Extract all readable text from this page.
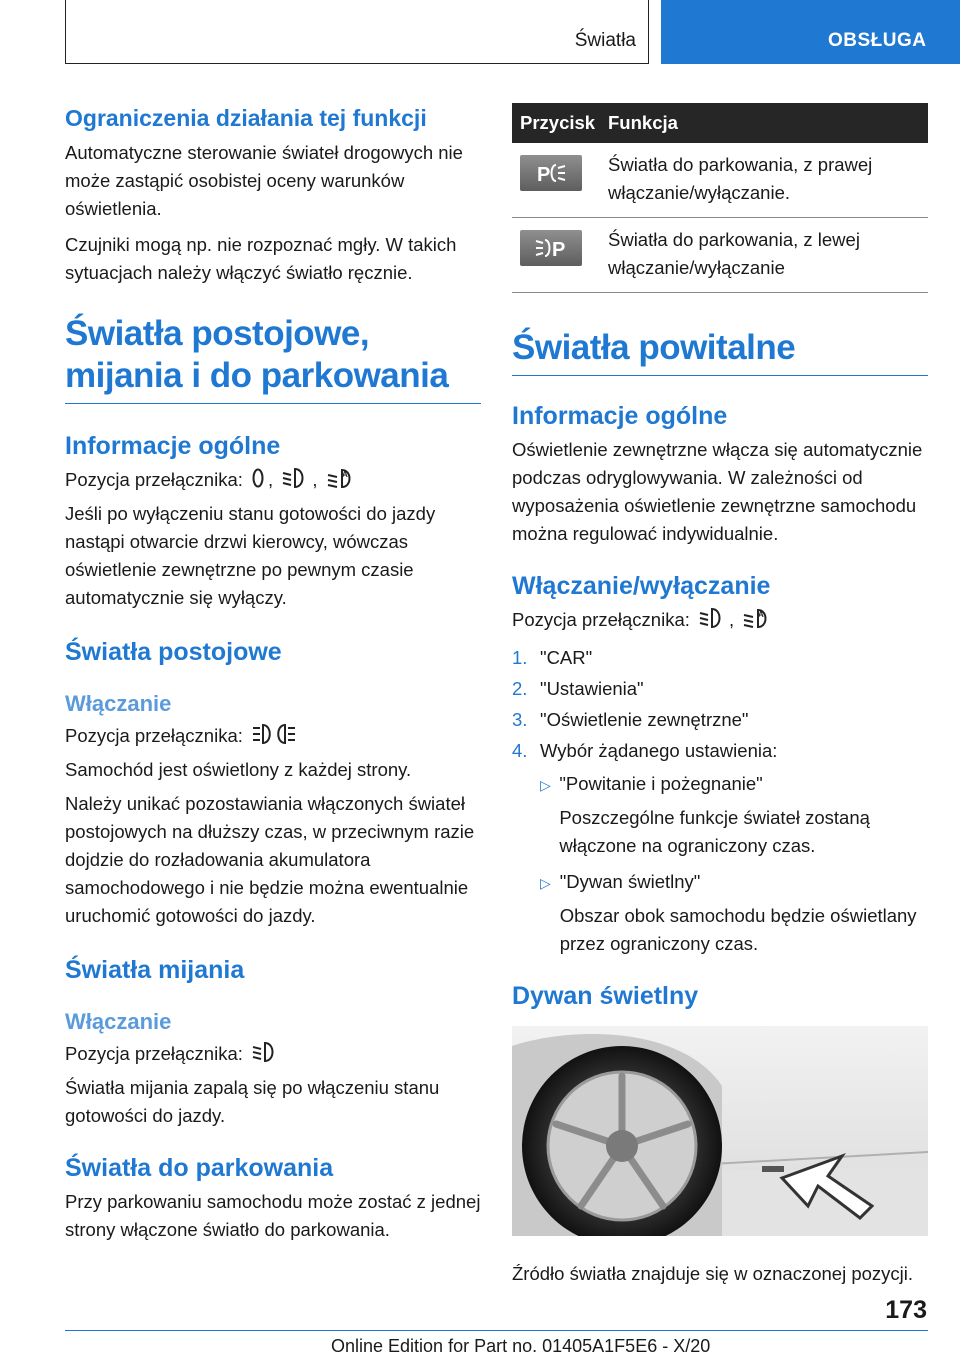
Światła	OBSŁUGA
Ograniczenia działania tej funkcji

Automatyczne sterowanie świateł drogowych nie może zastąpić osobistej oceny warunków oświetlenia.

Czujniki mogą np. nie rozpoznać mgły. W takich sytuacjach należy włączyć światło ręcznie.

Światła postojowe, mijania i do parkowania
Informacje ogólne

Pozycja przełącznika: , ,	A

Jeśli po wyłączeniu stanu gotowości do jazdy nastąpi otwarcie drzwi kierowcy, wówczas oświetlenie zewnętrzne po pewnym czasie automatycznie się wyłączy.

Światła postojowe
Włączanie

Pozycja przełącznika:

Samochód jest oświetlony z każdej strony.

Należy unikać pozostawiania włączonych świateł postojowych na dłuższy czas, w przeciwnym razie dojdzie do rozładowania akumulatora samochodowego i nie będzie można ewentualnie uruchomić gotowości do jazdy.

Światła mijania
Włączanie

Pozycja przełącznika:

Światła mijania zapalą się po włączeniu stanu gotowości do jazdy.

Światła do parkowania

Przy parkowaniu samochodu może zostać z jednej strony włączone światło do parkowania.

Przycisk Funkcja
P	Światła do parkowania, z prawej włączanie/wyłączanie.
P Światła do parkowania, z lewej włączanie/wyłączanie
Światła powitalne
Informacje ogólne

Oświetlenie zewnętrzne włącza się automatycznie podczas odryglowywania. W zależności od wyposażenia oświetlenie zewnętrzne samochodu można regulować indywidualnie.

Włączanie/wyłączanie

Pozycja przełącznika: ,	A

1. "CAR"
2. "Ustawienia"
3. "Oświetlenie zewnętrzne"
4. Wybór żądanego ustawienia:
▷ "Powitanie i pożegnanie"
Poszczególne funkcje świateł zostaną włączone na ograniczony czas.
▷ "Dywan świetlny"
Obszar obok samochodu będzie oświetlany przez ograniczony czas.
Dywan świetlny

Źródło światła znajduje się w oznaczonej pozycji.

173
Online Edition for Part no. 01405A1F5E6 - X/20
